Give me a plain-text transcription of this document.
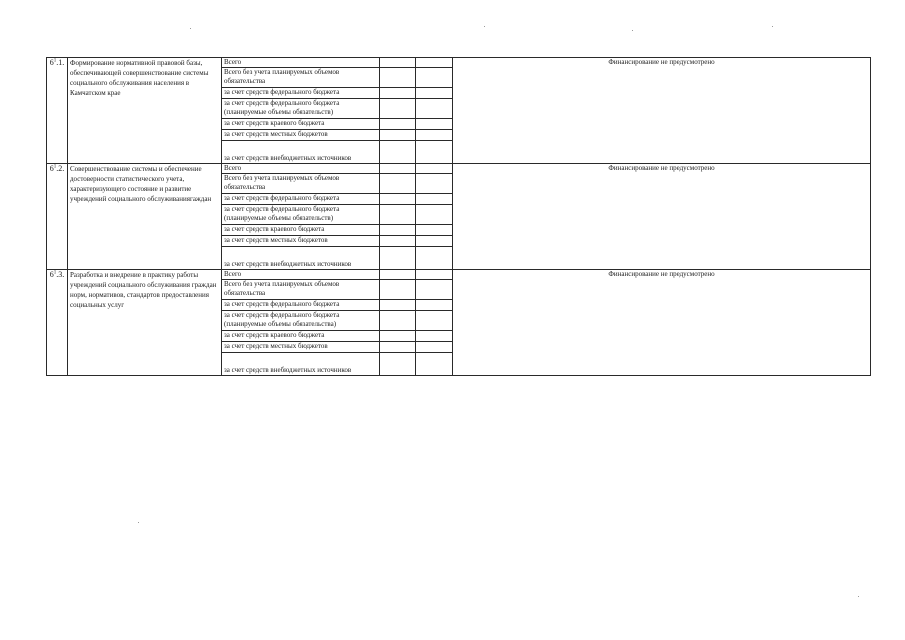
$6^1.1$.	Формирование нормативной правовой базы, обеспечивающей совершенствование системы социального обслуживания населения в Камчатском крае	Всего			Финансирование не предусмотрено
		Всего без учета планируемых объемов обязательства			
		за счет средств федерального бюджета			
		за счет средств федерального бюджета (планируемые объемы обязательств)			
		за счет средств краевого бюджета			
		за счет средств местных бюджетов			
		за счет средств внебюджетных источников			
$6^1.2$.	Совершенствование системы и обеспечение достоверности статистического учета, характеризующего состояние и развитие учреждений социального обслуживаниягаждан	Всего			Финансирование не предусмотрено
		Всего без учета планируемых объемов обязательства			
		за счет средств федерального бюджета			
		за счет средств федерального бюджета (планируемые объемы обязательств)			
		за счет средств краевого бюджета			
		за счет средств местных бюджетов			
		за счет средств внебюджетных источников			
$6^1.3$.	Разработка и внедрение в практику работы учреждений социального обслуживания граждан норм, нормативов, стандартов предоставления социальных услуг	Всего			Финансирование не предусмотрено
		Всего без учета планируемых объемов обязательства			
		за счет средств федерального бюджета			
		за счет средств федерального бюджета (планируемые объемы обязательства)			
		за счет средств краевого бюджета			
		за счет средств местных бюджетов			
		за счет средств внебюджетных источников			
